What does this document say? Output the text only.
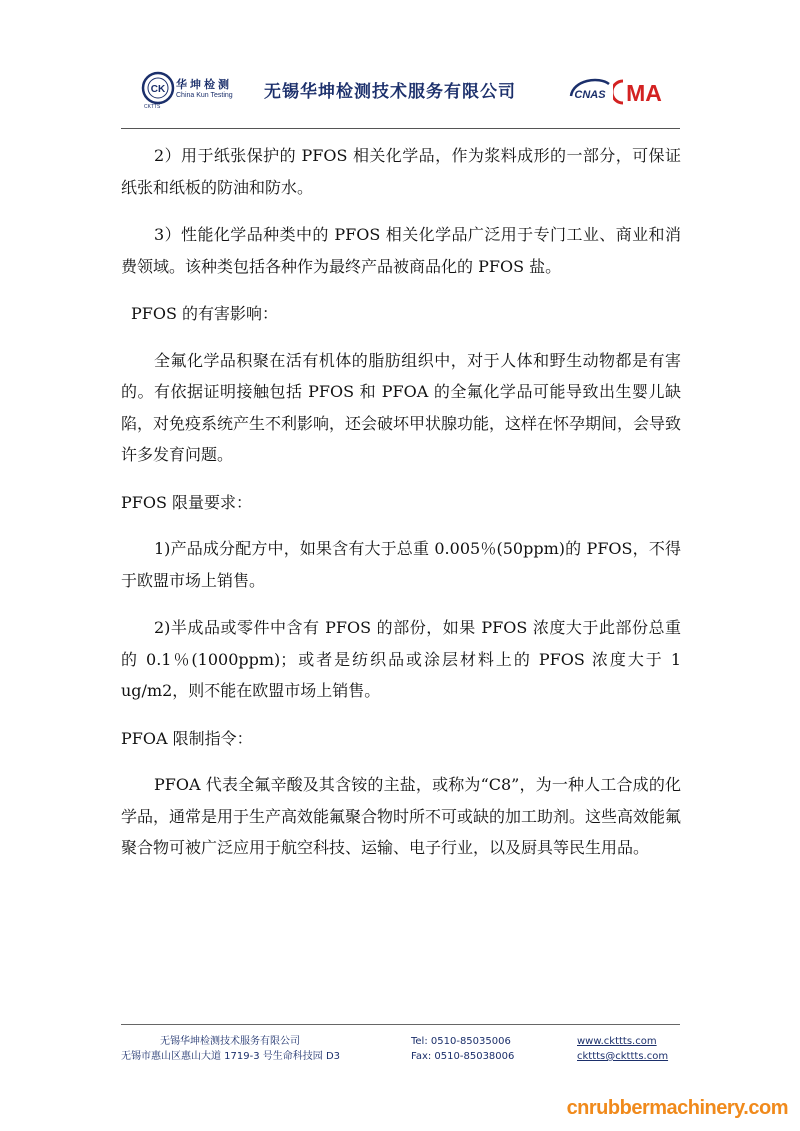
CK 华坤检测
China Kun Testing
CKTTS
无锡华坤检测技术服务有限公司	CNAS MA

2）用于纸张保护的 PFOS 相关化学品，作为浆料成形的一部分，可保证纸张和纸板的防油和防水。

3）性能化学品种类中的 PFOS 相关化学品广泛用于专门工业、商业和消费领域。该种类包括各种作为最终产品被商品化的 PFOS 盐。

PFOS 的有害影响：

全氟化学品积聚在活有机体的脂肪组织中，对于人体和野生动物都是有害的。有依据证明接触包括 PFOS 和 PFOA 的全氟化学品可能导致出生婴儿缺陷，对免疫系统产生不利影响，还会破坏甲状腺功能，这样在怀孕期间，会导致许多发育问题。

PFOS 限量要求：

1)产品成分配方中，如果含有大于总重 0.005％(50ppm)的 PFOS，不得于欧盟市场上销售。

2)半成品或零件中含有 PFOS 的部份，如果 PFOS 浓度大于此部份总重的 0.1％(1000ppm)；或者是纺织品或涂层材料上的 PFOS 浓度大于 1 ug/m2，则不能在欧盟市场上销售。

PFOA 限制指令：

PFOA 代表全氟辛酸及其含铵的主盐，或称为“C8”，为一种人工合成的化学品，通常是用于生产高效能氟聚合物时所不可或缺的加工助剂。这些高效能氟聚合物可被广泛应用于航空科技、运输、电子行业，以及厨具等民生用品。

无锡华坤检测技术服务有限公司
无锡市惠山区惠山大道 1719-3 号生命科技园 D3
Tel: 0510-85035006
Fax: 0510-85038006
www.ckttts.com
ckttts@ckttts.com
cnrubbermachinery.com
